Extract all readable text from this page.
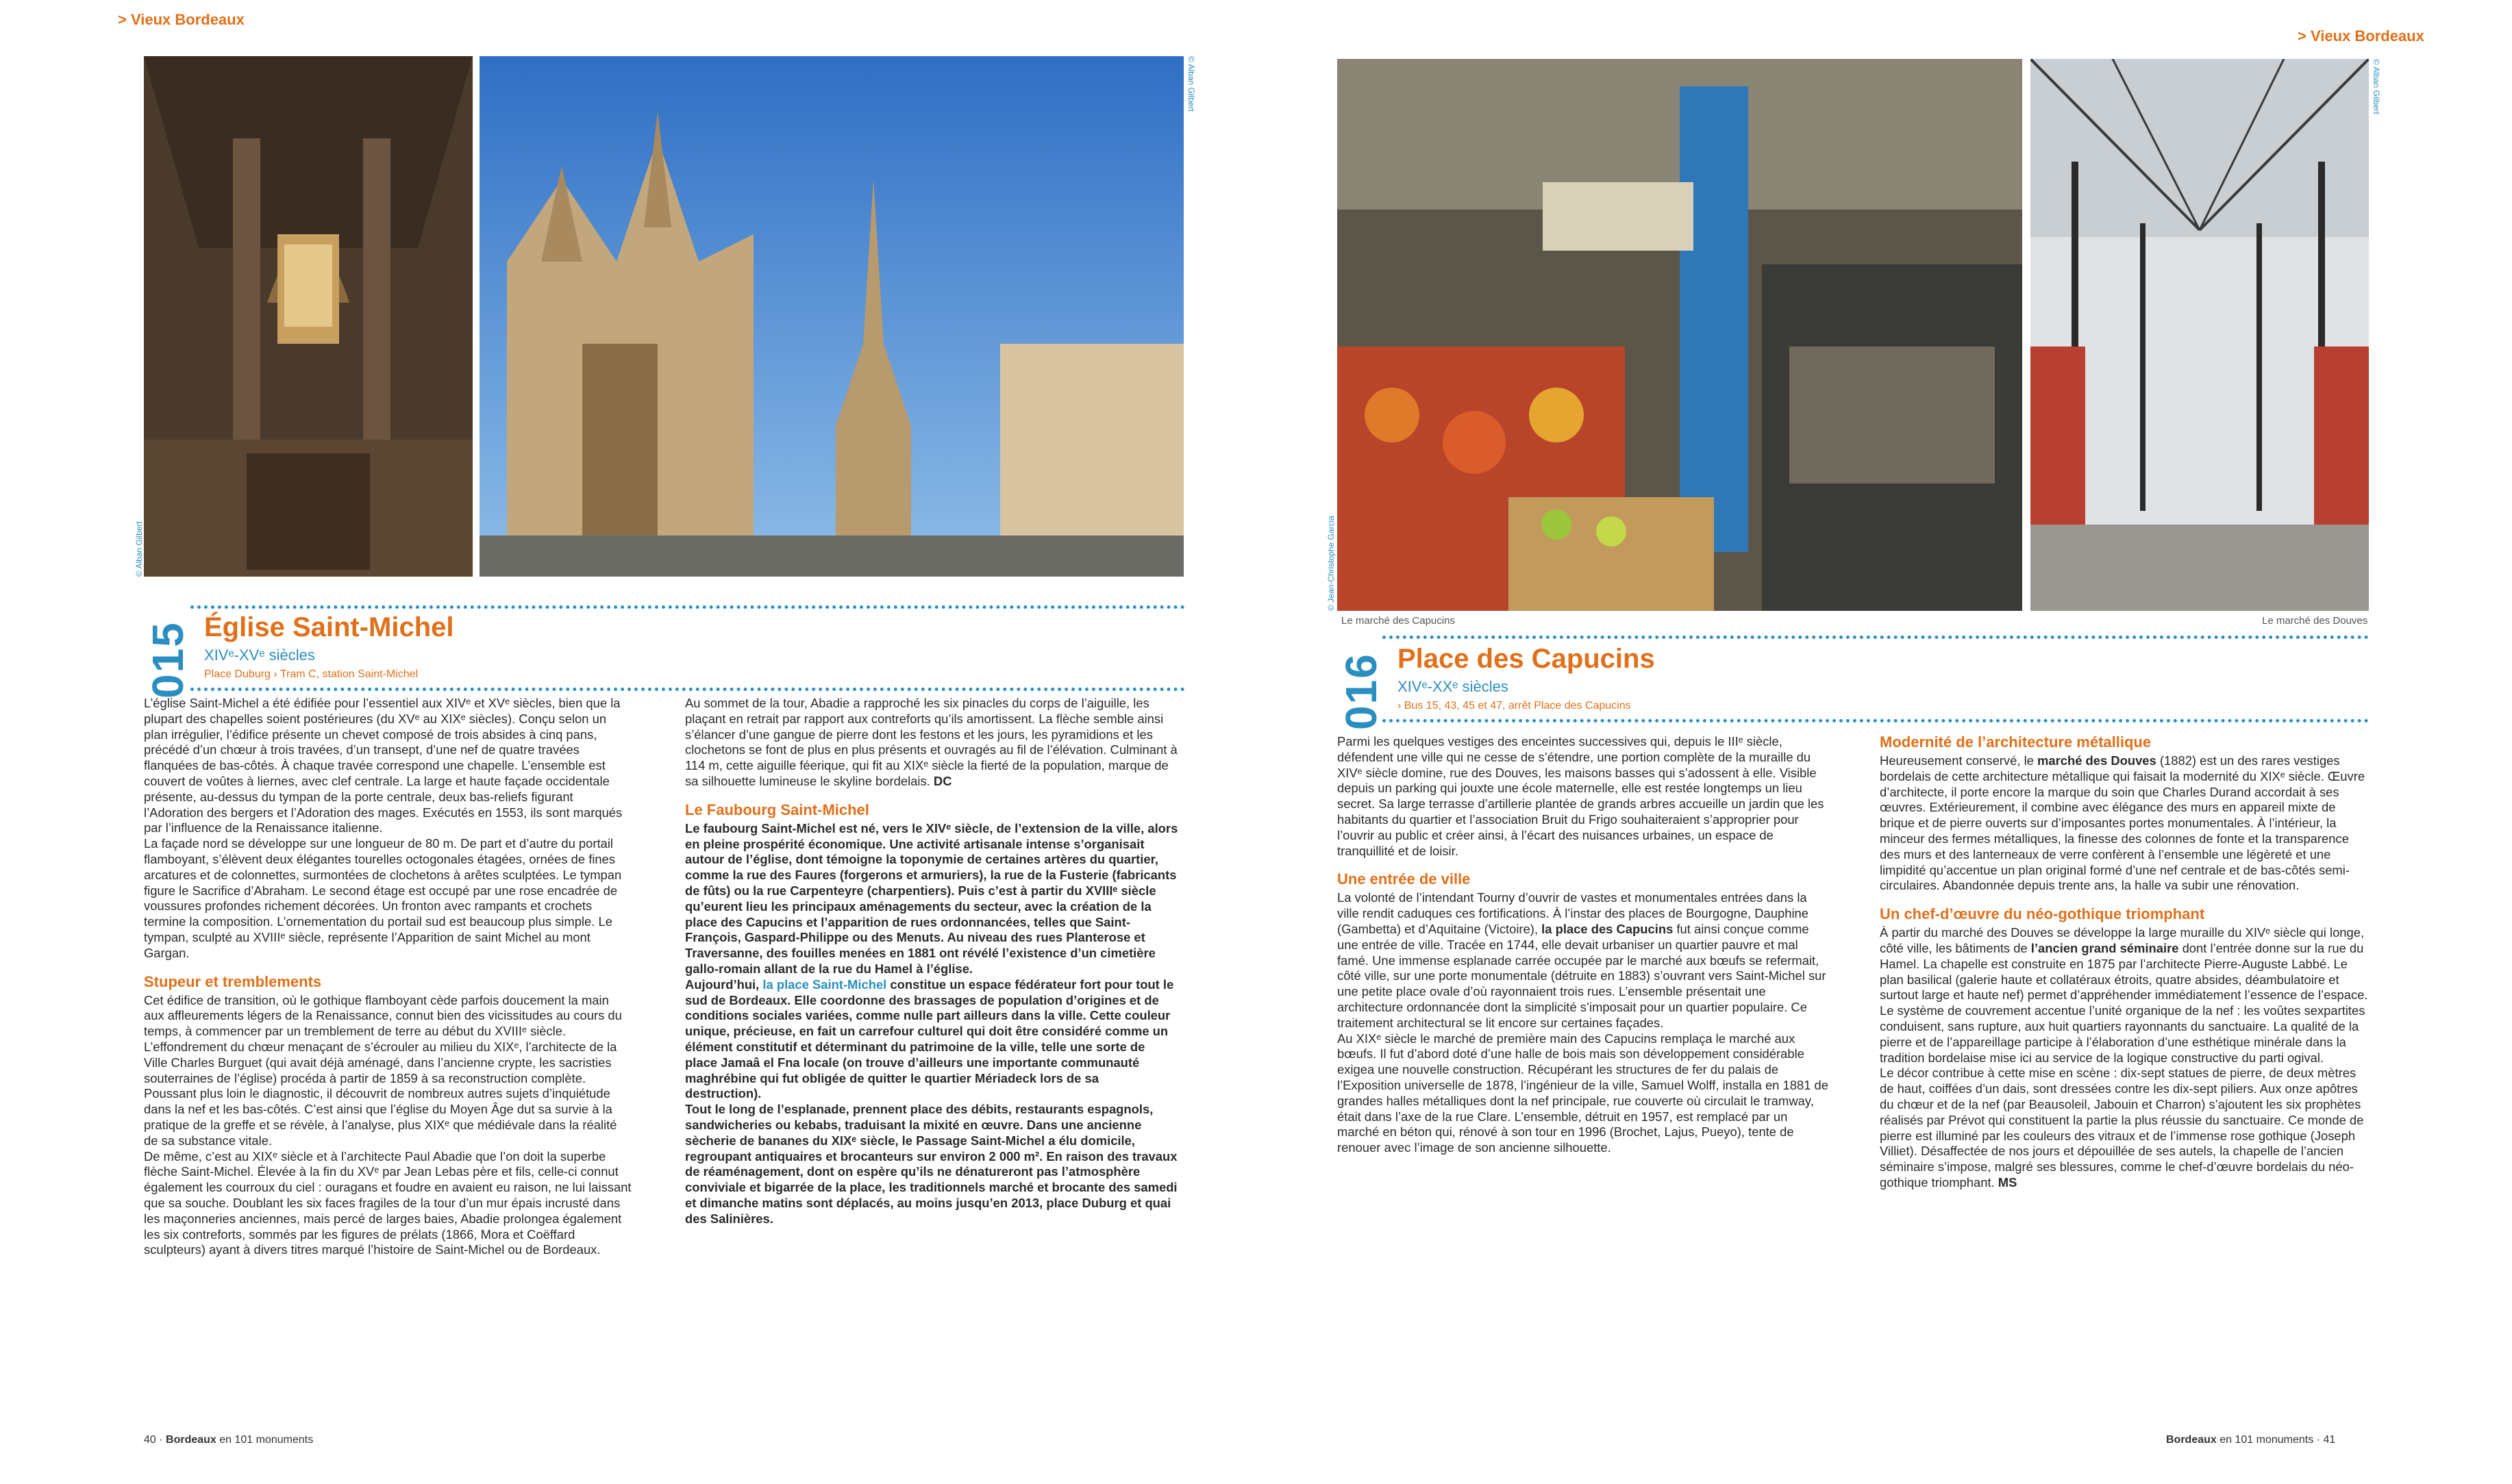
> Vieux Bordeaux
> Vieux Bordeaux
© Alban Gilbert
© Alban Gilbert
015 Église Saint-Michel
XIVᵉ-XVᵉ siècles
Place Duburg › Tram C, station Saint-Michel

L’église Saint-Michel a été édifiée pour l’essentiel aux XIVᵉ et XVᵉ siècles, bien que la plupart des chapelles soient postérieures (du XVᵉ au XIXᵉ siècles). Conçu selon un plan irrégulier, l’édifice présente un chevet composé de trois absides à cinq pans, précédé d’un chœur à trois travées, d’un transept, d’une nef de quatre travées flanquées de bas-côtés. À chaque travée correspond une chapelle. L’ensemble est couvert de voûtes à liernes, avec clef centrale. La large et haute façade occidentale présente, au-dessus du tympan de la porte centrale, deux bas-reliefs figurant l’Adoration des bergers et l’Adoration des mages. Exécutés en 1553, ils sont marqués par l’influence de la Renaissance italienne.
La façade nord se développe sur une longueur de 80 m. De part et d’autre du portail flamboyant, s’élèvent deux élégantes tourelles octogonales étagées, ornées de fines arcatures et de colonnettes, surmontées de clochetons à arêtes sculptées. Le tympan figure le Sacrifice d’Abraham. Le second étage est occupé par une rose encadrée de voussures profondes richement décorées. Un fronton avec rampants et crochets termine la composition. L’ornementation du portail sud est beaucoup plus simple. Le tympan, sculpté au XVIIIᵉ siècle, représente l’Apparition de saint Michel au mont Gargan.

Stupeur et tremblements

Cet édifice de transition, où le gothique flamboyant cède parfois doucement la main aux affleurements légers de la Renaissance, connut bien des vicissitudes au cours du temps, à commencer par un tremblement de terre au début du XVIIIᵉ siècle. L’effondrement du chœur menaçant de s’écrouler au milieu du XIXᵉ, l’architecte de la Ville Charles Burguet (qui avait déjà aménagé, dans l’ancienne crypte, les sacristies souterraines de l’église) procéda à partir de 1859 à sa reconstruction complète. Poussant plus loin le diagnostic, il découvrit de nombreux autres sujets d’inquiétude dans la nef et les bas-côtés. C’est ainsi que l’église du Moyen Âge dut sa survie à la pratique de la greffe et se révèle, à l’analyse, plus XIXᵉ que médiévale dans la réalité de sa substance vitale.
De même, c’est au XIXᵉ siècle et à l’architecte Paul Abadie que l’on doit la superbe flèche Saint-Michel. Élevée à la fin du XVᵉ par Jean Lebas père et fils, celle-ci connut également les courroux du ciel : ouragans et foudre en avaient eu raison, ne lui laissant que sa souche. Doublant les six faces fragiles de la tour d’un mur épais incrusté dans les maçonneries anciennes, mais percé de larges baies, Abadie prolongea également les six contreforts, sommés par les figures de prélats (1866, Mora et Coëffard sculpteurs) ayant à divers titres marqué l’histoire de Saint-Michel ou de Bordeaux.

Au sommet de la tour, Abadie a rapproché les six pinacles du corps de l’aiguille, les plaçant en retrait par rapport aux contreforts qu’ils amortissent. La flèche semble ainsi s’élancer d’une gangue de pierre dont les festons et les jours, les pyramidions et les clochetons se font de plus en plus présents et ouvragés au fil de l’élévation. Culminant à 114 m, cette aiguille féerique, qui fit au XIXᵉ siècle la fierté de la population, marque de sa silhouette lumineuse le skyline bordelais. DC

Le Faubourg Saint-Michel

Le faubourg Saint-Michel est né, vers le XIVᵉ siècle, de l’extension de la ville, alors en pleine prospérité économique. Une activité artisanale intense s’organisait autour de l’église, dont témoigne la toponymie de certaines artères du quartier, comme la rue des Faures (forgerons et armuriers), la rue de la Fusterie (fabricants de fûts) ou la rue Carpenteyre (charpentiers). Puis c’est à partir du XVIIIᵉ siècle qu’eurent lieu les principaux aménagements du secteur, avec la création de la place des Capucins et l’apparition de rues ordonnancées, telles que Saint-François, Gaspard-Philippe ou des Menuts. Au niveau des rues Planterose et Traversanne, des fouilles menées en 1881 ont révélé l’existence d’un cimetière gallo-romain allant de la rue du Hamel à l’église.

Aujourd’hui, la place Saint-Michel constitue un espace fédérateur fort pour tout le sud de Bordeaux. Elle coordonne des brassages de population d’origines et de conditions sociales variées, comme nulle part ailleurs dans la ville. Cette couleur unique, précieuse, en fait un carrefour culturel qui doit être considéré comme un élément constitutif et déterminant du patrimoine de la ville, telle une sorte de place Jamaâ el Fna locale (on trouve d’ailleurs une importante communauté maghrébine qui fut obligée de quitter le quartier Mériadeck lors de sa destruction).
Tout le long de l’esplanade, prennent place des débits, restaurants espagnols, sandwicheries ou kebabs, traduisant la mixité en œuvre. Dans une ancienne sècherie de bananes du XIXᵉ siècle, le Passage Saint-Michel a élu domicile, regroupant antiquaires et brocanteurs sur environ 2 000 m². En raison des travaux de réaménagement, dont on espère qu’ils ne dénatureront pas l’atmosphère conviviale et bigarrée de la place, les traditionnels marché et brocante des samedi et dimanche matins sont déplacés, au moins jusqu’en 2013, place Duburg et quai des Salinières.

© Alban Gilbert
© Jean-Christophe Garcia
Le marché des Capucins	Le marché des Douves
016 Place des Capucins
XIVᵉ-XXᵉ siècles
› Bus 15, 43, 45 et 47, arrêt Place des Capucins

Parmi les quelques vestiges des enceintes successives qui, depuis le IIIᵉ siècle, défendent une ville qui ne cesse de s’étendre, une portion complète de la muraille du XIVᵉ siècle domine, rue des Douves, les maisons basses qui s’adossent à elle. Visible depuis un parking qui jouxte une école maternelle, elle est restée longtemps un lieu secret. Sa large terrasse d’artillerie plantée de grands arbres accueille un jardin que les habitants du quartier et l’association Bruit du Frigo souhaiteraient s’approprier pour l’ouvrir au public et créer ainsi, à l’écart des nuisances urbaines, un espace de tranquillité et de loisir.

Une entrée de ville

La volonté de l’intendant Tourny d’ouvrir de vastes et monumentales entrées dans la ville rendit caduques ces fortifications. À l’instar des places de Bourgogne, Dauphine (Gambetta) et d’Aquitaine (Victoire), la place des Capucins fut ainsi conçue comme une entrée de ville. Tracée en 1744, elle devait urbaniser un quartier pauvre et mal famé. Une immense esplanade carrée occupée par le marché aux bœufs se refermait, côté ville, sur une porte monumentale (détruite en 1883) s’ouvrant vers Saint-Michel sur une petite place ovale d’où rayonnaient trois rues. L’ensemble présentait une architecture ordonnancée dont la simplicité s’imposait pour un quartier populaire. Ce traitement architectural se lit encore sur certaines façades.
Au XIXᵉ siècle le marché de première main des Capucins remplaça le marché aux bœufs. Il fut d’abord doté d’une halle de bois mais son développement considérable exigea une nouvelle construction. Récupérant les structures de fer du palais de l’Exposition universelle de 1878, l’ingénieur de la ville, Samuel Wolff, installa en 1881 de grandes halles métalliques dont la nef principale, rue couverte où circulait le tramway, était dans l’axe de la rue Clare. L’ensemble, détruit en 1957, est remplacé par un marché en béton qui, rénové à son tour en 1996 (Brochet, Lajus, Pueyo), tente de renouer avec l’image de son ancienne silhouette.

Modernité de l’architecture métallique

Heureusement conservé, le marché des Douves (1882) est un des rares vestiges bordelais de cette architecture métallique qui faisait la modernité du XIXᵉ siècle. Œuvre d’architecte, il porte encore la marque du soin que Charles Durand accordait à ses œuvres. Extérieurement, il combine avec élégance des murs en appareil mixte de brique et de pierre ouverts sur d’imposantes portes monumentales. À l’intérieur, la minceur des fermes métalliques, la finesse des colonnes de fonte et la transparence des murs et des lanterneaux de verre confèrent à l’ensemble une légèreté et une limpidité qu’accentue un plan original formé d’une nef centrale et de bas-côtés semi-circulaires. Abandonnée depuis trente ans, la halle va subir une rénovation.

Un chef-d’œuvre du néo-gothique triomphant

À partir du marché des Douves se développe la large muraille du XIVᵉ siècle qui longe, côté ville, les bâtiments de l’ancien grand séminaire dont l’entrée donne sur la rue du Hamel. La chapelle est construite en 1875 par l’architecte Pierre-Auguste Labbé. Le plan basilical (galerie haute et collatéraux étroits, quatre absides, déambulatoire et surtout large et haute nef) permet d’appréhender immédiatement l’essence de l’espace. Le système de couvrement accentue l’unité organique de la nef : les voûtes sexpartites conduisent, sans rupture, aux huit quartiers rayonnants du sanctuaire. La qualité de la pierre et de l’appareillage participe à l’élaboration d’une esthétique minérale dans la tradition bordelaise mise ici au service de la logique constructive du parti ogival.
Le décor contribue à cette mise en scène : dix-sept statues de pierre, de deux mètres de haut, coiffées d’un dais, sont dressées contre les dix-sept piliers. Aux onze apôtres du chœur et de la nef (par Beausoleil, Jabouin et Charron) s’ajoutent les six prophètes réalisés par Prévot qui constituent la partie la plus réussie du sanctuaire. Ce monde de pierre est illuminé par les couleurs des vitraux et de l’immense rose gothique (Joseph Villiet). Désaffectée de nos jours et dépouillée de ses autels, la chapelle de l’ancien séminaire s’impose, malgré ses blessures, comme le chef-d’œuvre bordelais du néo-gothique triomphant. MS

40 · Bordeaux en 101 monuments	Bordeaux en 101 monuments · 41
